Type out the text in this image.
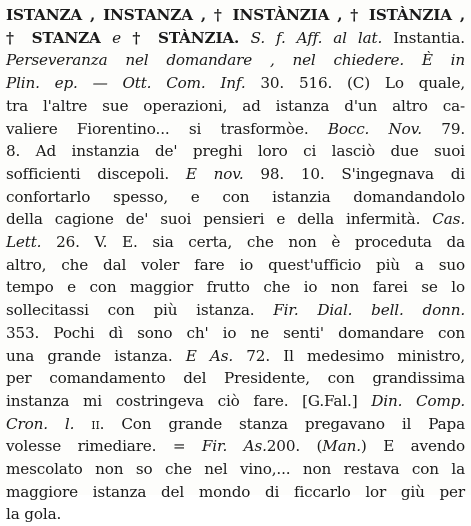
ISTANZA , INSTANZA , † INSTÀNZIA , † ISTÀNZIA ,
† STANZA e † STÀNZIA. S. f. Aff. al lat. Instantia.
Perseveranza nel domandare , nel chiedere. È in
Plin. ep. — Ott. Com. Inf. 30. 516. (C) Lo quale,
tra l'altre sue operazioni, ad istanza d'un altro ca-
valiere Fiorentino... si trasformòe. Bocc. Nov. 79.
8. Ad instanzia de' preghi loro ci lasciò due suoi
sofficienti discepoli. E nov. 98. 10. S'ingegnava di
confortarlo spesso, e con istanzia domandandolo
della cagione de' suoi pensieri e della infermità. Cas.
Lett. 26. V. E. sia certa, che non è proceduta da
altro, che dal voler fare io quest'ufficio più a suo
tempo e con maggior frutto che io non farei se lo
sollecitassi con più istanza. Fir. Dial. bell. donn.
353. Pochi dì sono ch' io ne senti' domandare con
una grande istanza. E As. 72. Il medesimo ministro,
per comandamento del Presidente, con grandissima
instanza mi costringeva ciò fare. [G.Fal.] Din. Comp.
Cron. l. ii. Con grande stanza pregavano il Papa
volesse rimediare. = Fir. As.200. (Man.) E avendo
mescolato non so che nel vino,... non restava con la
maggiore istanza del mondo di ficcarlo lor giù per
la gola.
